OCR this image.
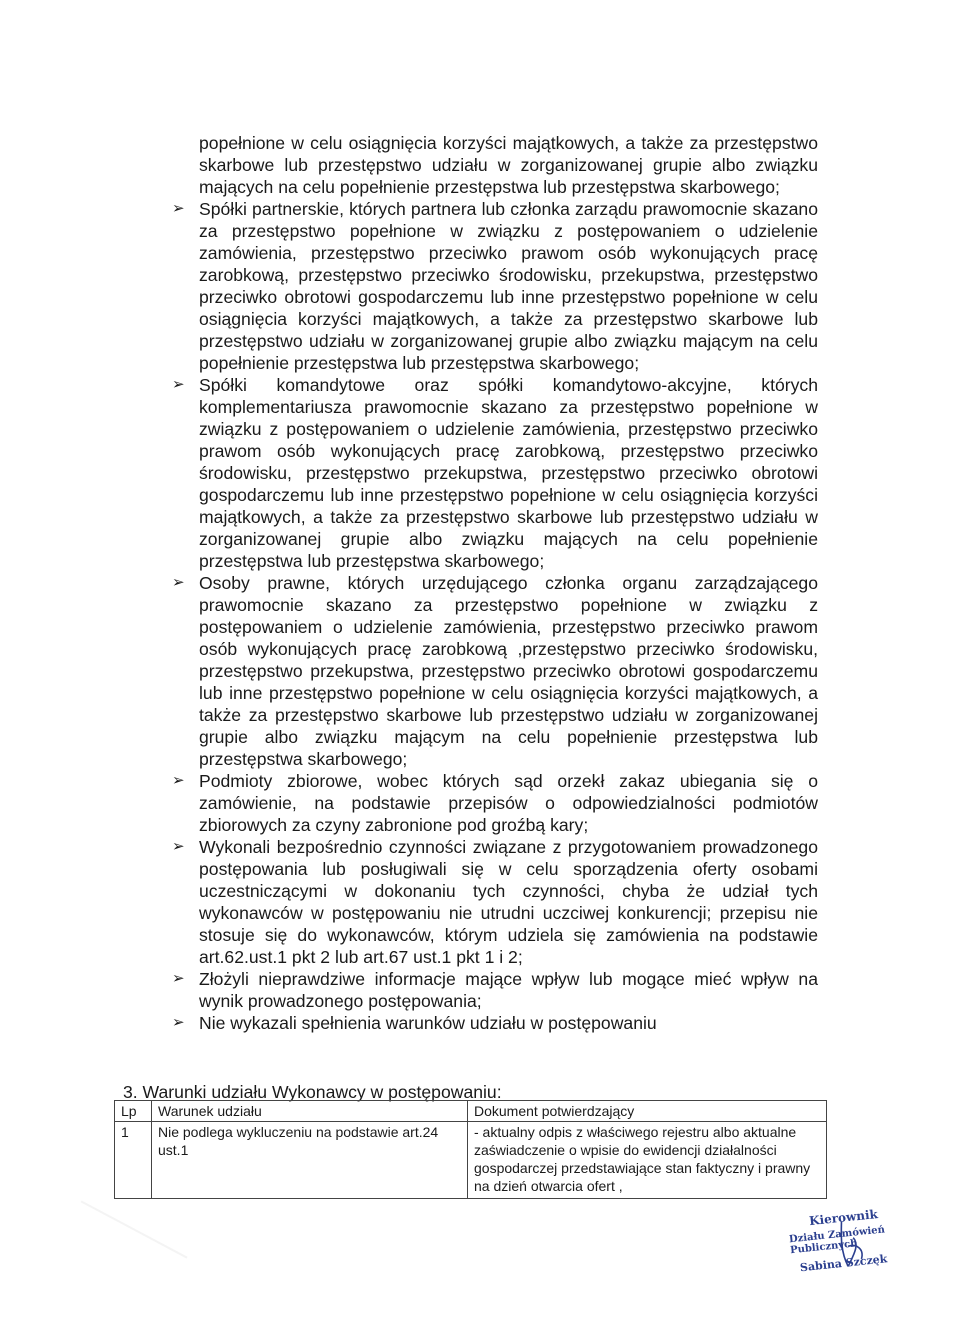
popełnione w celu osiągnięcia korzyści majątkowych, a także za przestępstwo skarbowe lub przestępstwo udziału w zorganizowanej grupie albo związku mających na celu popełnienie przestępstwa lub przestępstwa skarbowego;

➢ Spółki partnerskie, których partnera lub członka zarządu prawomocnie skazano za przestępstwo popełnione w związku z postępowaniem o udzielenie zamówienia, przestępstwo przeciwko prawom osób wykonujących pracę zarobkową, przestępstwo przeciwko środowisku, przekupstwa, przestępstwo przeciwko obrotowi gospodarczemu lub inne przestępstwo popełnione w celu osiągnięcia korzyści majątkowych, a także za przestępstwo skarbowe lub przestępstwo udziału w zorganizowanej grupie albo związku mającym na celu popełnienie przestępstwa lub przestępstwa skarbowego;
➢ Spółki komandytowe oraz spółki komandytowo-akcyjne, których komplementariusza prawomocnie skazano za przestępstwo popełnione w związku z postępowaniem o udzielenie zamówienia, przestępstwo przeciwko prawom osób wykonujących pracę zarobkową, przestępstwo przeciwko środowisku, przestępstwo przekupstwa, przestępstwo przeciwko obrotowi gospodarczemu lub inne przestępstwo popełnione w celu osiągnięcia korzyści majątkowych, a także za przestępstwo skarbowe lub przestępstwo udziału w zorganizowanej grupie albo związku mających na celu popełnienie przestępstwa lub przestępstwa skarbowego;
➢ Osoby prawne, których urzędującego członka organu zarządzającego prawomocnie skazano za przestępstwo popełnione w związku z postępowaniem o udzielenie zamówienia, przestępstwo przeciwko prawom osób wykonujących pracę zarobkową ,przestępstwo przeciwko środowisku, przestępstwo przekupstwa, przestępstwo przeciwko obrotowi gospodarczemu lub inne przestępstwo popełnione w celu osiągnięcia korzyści majątkowych, a także za przestępstwo skarbowe lub przestępstwo udziału w zorganizowanej grupie albo związku mającym na celu popełnienie przestępstwa lub przestępstwa skarbowego;
➢ Podmioty zbiorowe, wobec których sąd orzekł zakaz ubiegania się o zamówienie, na podstawie przepisów o odpowiedzialności podmiotów zbiorowych za czyny zabronione pod groźbą kary;
➢ Wykonali bezpośrednio czynności związane z przygotowaniem prowadzonego postępowania lub posługiwali się w celu sporządzenia oferty osobami uczestniczącymi w dokonaniu tych czynności, chyba że udział tych wykonawców w postępowaniu nie utrudni uczciwej konkurencji; przepisu nie stosuje się do wykonawców, którym udziela się zamówienia na podstawie art.62.ust.1 pkt 2 lub art.67 ust.1 pkt 1 i 2;
➢ Złożyli nieprawdziwe informacje mające wpływ lub mogące mieć wpływ na wynik prowadzonego postępowania;
➢ Nie wykazali spełnienia warunków udziału w postępowaniu
3. Warunki udziału Wykonawcy w postępowaniu:
Lp	Warunek udziału	Dokument potwierdzający
1	Nie podlega wykluczeniu na podstawie art.24 ust.1	- aktualny odpis z właściwego rejestru albo aktualne zaświadczenie o wpisie do ewidencji działalności gospodarczej przedstawiające stan faktyczny i prawny na dzień otwarcia ofert ,
Kierownik
Działu Zamówień Publicznych
Sabina Szczęk
